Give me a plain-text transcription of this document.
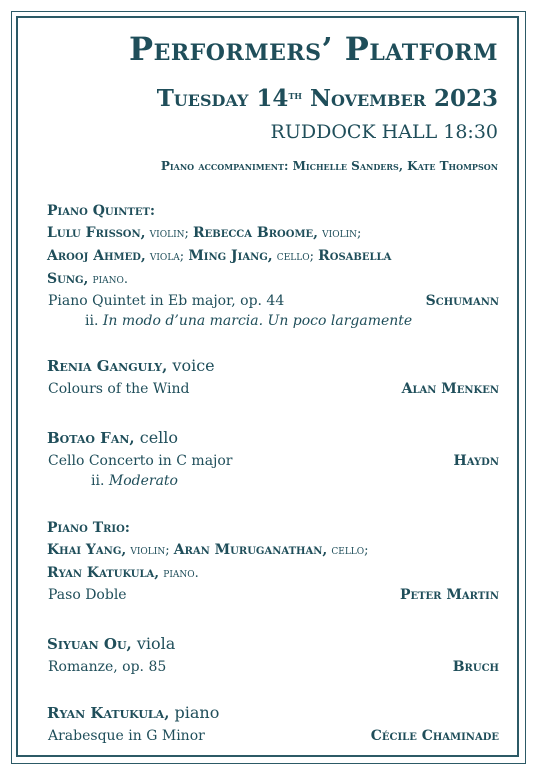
Performers’ Platform
Tuesday 14th November 2023
RUDDOCK HALL 18:30
Piano accompaniment: Michelle Sanders, Kate Thompson
Piano Quintet:
Lulu Frisson, violin; Rebecca Broome, violin;
Arooj Ahmed, viola; Ming Jiang, cello; Rosabella
Sung, piano.
Piano Quintet in Eb major, op. 44	Schumann
ii. In modo d’una marcia. Un poco largamente
Renia Ganguly, voice
Colours of the Wind	Alan Menken
Botao Fan, cello
Cello Concerto in C major	Haydn
ii. Moderato
Piano Trio:
Khai Yang, violin; Aran Muruganathan, cello;
Ryan Katukula, piano.
Paso Doble	Peter Martin
Siyuan Ou, viola
Romanze, op. 85	Bruch
Ryan Katukula, piano
Arabesque in G Minor	Cécile Chaminade
